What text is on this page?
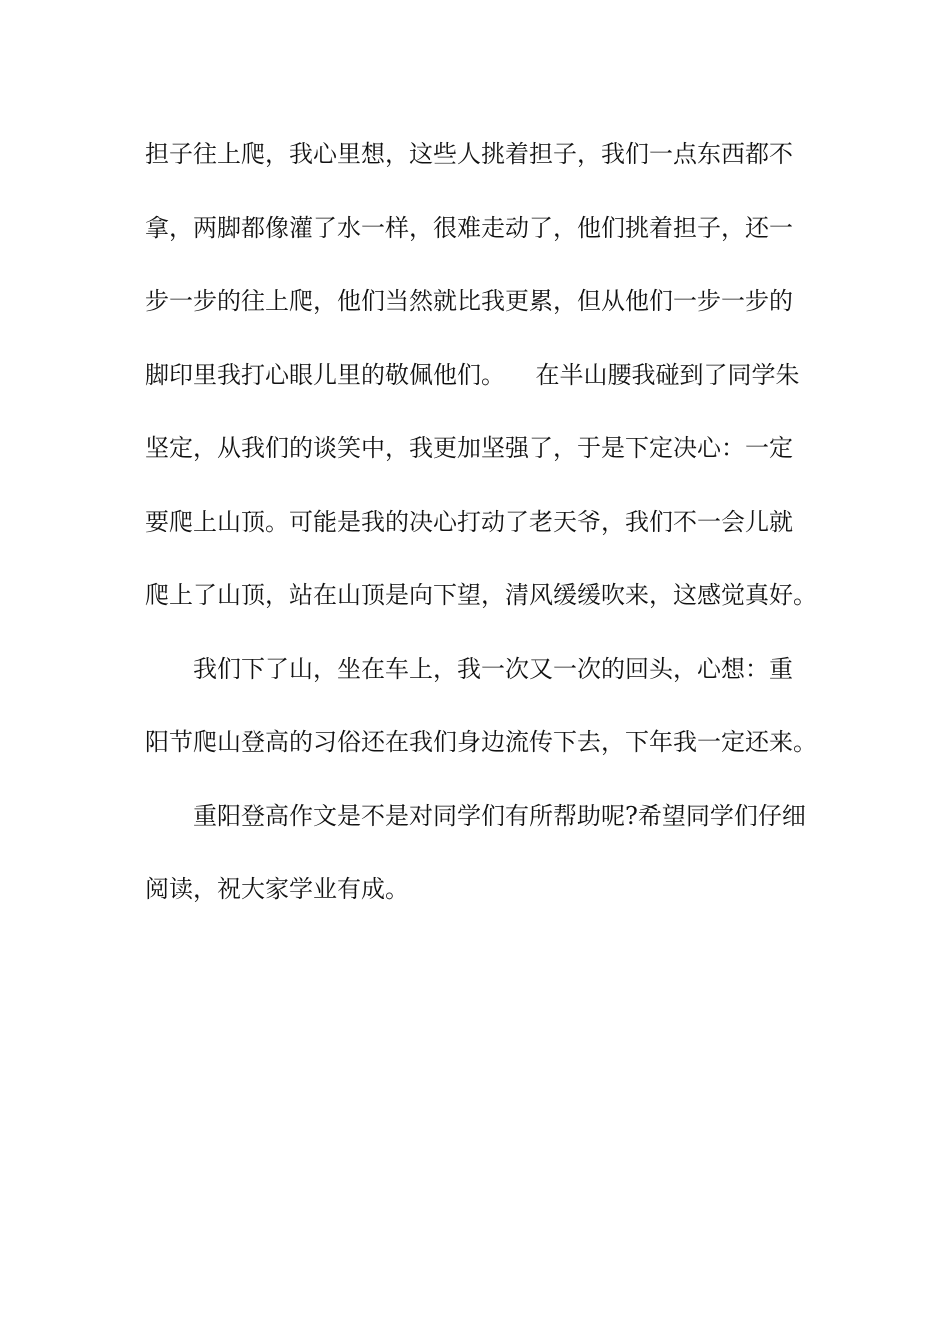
担子往上爬，我心里想，这些人挑着担子，我们一点东西都不
拿，两脚都像灌了水一样，很难走动了，他们挑着担子，还一
步一步的往上爬，他们当然就比我更累，但从他们一步一步的
脚印里我打心眼儿里的敬佩他们。    在半山腰我碰到了同学朱
坚定，从我们的谈笑中，我更加坚强了，于是下定决心：一定
要爬上山顶。可能是我的决心打动了老天爷，我们不一会儿就
爬上了山顶，站在山顶是向下望，清风缓缓吹来，这感觉真好。
我们下了山，坐在车上，我一次又一次的回头，心想：重
阳节爬山登高的习俗还在我们身边流传下去，下年我一定还来。
重阳登高作文是不是对同学们有所帮助呢?希望同学们仔细
阅读，祝大家学业有成。
